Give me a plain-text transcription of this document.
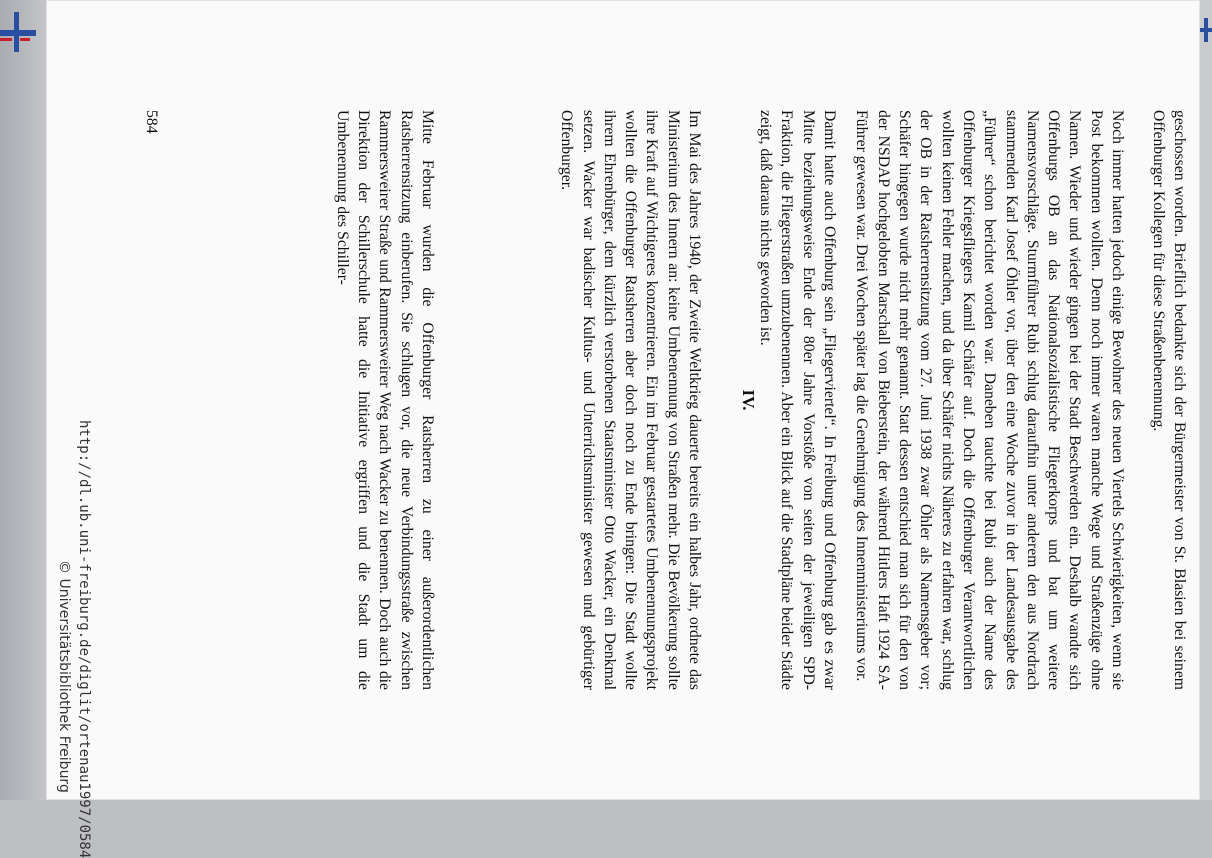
geschossen worden. Brieflich bedankte sich der Bürgermeister von St. Blasien bei seinem Offenburger Kollegen für diese Straßenbenennung.

Noch immer hatten jedoch einige Bewohner des neuen Viertels Schwierigkeiten, wenn sie Post bekommen wollten. Denn noch immer waren manche Wege und Straßenzüge ohne Namen. Wieder und wieder gingen bei der Stadt Beschwerden ein. Deshalb wandte sich Offenburgs OB an das Nationalsozialistische Fliegerkorps und bat um weitere Namensvorschläge. Sturmführer Rubi schlug daraufhin unter anderem den aus Nordrach stammenden Karl Josef Öhler vor, über den eine Woche zuvor in der Landesausgabe des „Führer“ schon berichtet worden war. Daneben tauchte bei Rubi auch der Name des Offenburger Kriegsfliegers Kamil Schäfer auf. Doch die Offenburger Verantwortlichen wollten keinen Fehler machen, und da über Schäfer nichts Näheres zu erfahren war, schlug der OB in der Ratsherrensitzung vom 27. Juni 1938 zwar Öhler als Namensgeber vor; Schäfer hingegen wurde nicht mehr genannt. Statt dessen entschied man sich für den von der NSDAP hochgelobten Marschall von Bieberstein, der während Hitlers Haft 1924 SA-Führer gewesen war. Drei Wochen später lag die Genehmigung des Innenministeriums vor.

Damit hatte auch Offenburg sein „Fliegerviertel“. In Freiburg und Offenburg gab es zwar Mitte beziehungsweise Ende der 80er Jahre Vorstöße von seiten der jeweiligen SPD-Fraktion, die Fliegerstraßen umzubenennen. Aber ein Blick auf die Stadtpläne beider Städte zeigt, daß daraus nichts geworden ist.

IV.

Im Mai des Jahres 1940, der Zweite Weltkrieg dauerte bereits ein halbes Jahr, ordnete das Ministerium des Innern an: keine Umbenennung von Straßen mehr. Die Bevölkerung sollte ihre Kraft auf Wichtigeres konzentrieren. Ein im Februar gestartetes Umbenennungsprojekt wollten die Offenburger Ratsherren aber doch noch zu Ende bringen: Die Stadt wollte ihrem Ehrenbürger, dem kürzlich verstorbenen Staatsminister Otto Wacker, ein Denkmal setzen. Wacker war badischer Kultus- und Unterrichtsminister gewesen und gebürtiger Offenburger.

Mitte Februar wurden die Offenburger Ratsherren zu einer außerordentlichen Ratsherrensitzung einberufen. Sie schlugen vor, die neue Verbindungsstraße zwischen Rammersweirer Straße und Rammersweirer Weg nach Wacker zu benennen. Doch auch die Direktion der Schillerschule hatte die Initiative ergriffen und die Stadt um die Umbenennung des Schiller-

584
http://dl.ub.uni-freiburg.de/diglit/ortenau1997/0584
© Universitätsbibliothek Freiburg
